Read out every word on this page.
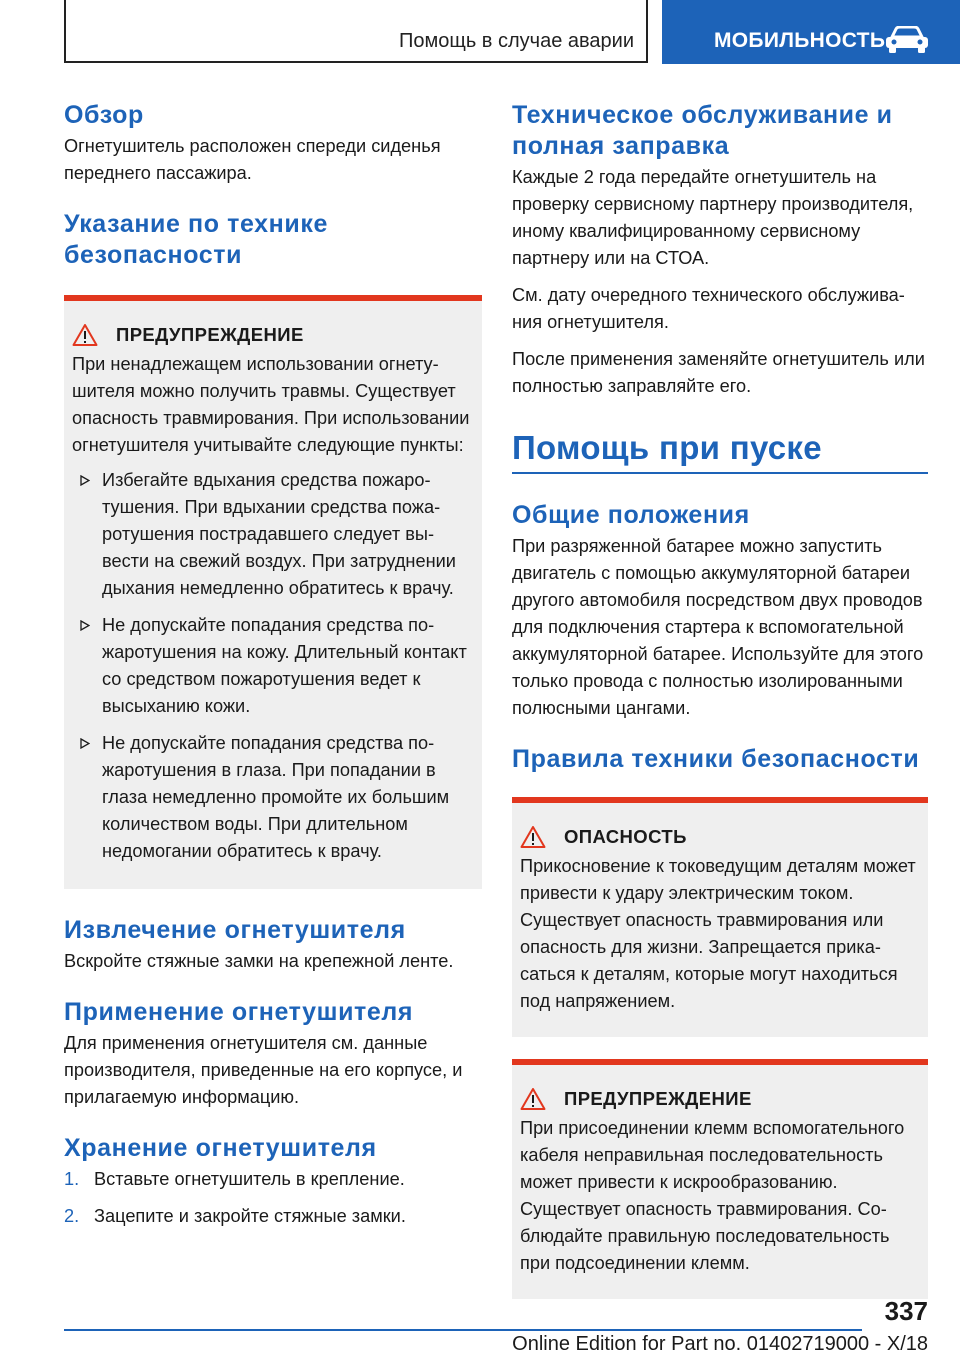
Помощь в случае аварии	МОБИЛЬНОСТЬ
Обзор

Огнетушитель расположен спереди сиденья переднего пассажира.

Указание по технике безопасности
ПРЕДУПРЕЖДЕНИЕ

При ненадлежащем использовании огнетушителя можно получить травмы. Существует опасность травмирования. При использовании огнетушителя учитывайте следующие пункты:

Избегайте вдыхания средства пожаротушения. При вдыхании средства пожаротушения пострадавшего следует вывести на свежий воздух. При затруднении дыхания немедленно обратитесь к врачу.
Не допускайте попадания средства пожаротушения на кожу. Длительный контакт со средством пожаротушения ведет к высыханию кожи.
Не допускайте попадания средства пожаротушения в глаза. При попадании в глаза немедленно промойте их большим количеством воды. При длительном недомогании обратитесь к врачу.
Извлечение огнетушителя

Вскройте стяжные замки на крепежной ленте.

Применение огнетушителя

Для применения огнетушителя см. данные производителя, приведенные на его корпусе, и прилагаемую информацию.

Хранение огнетушителя
1. Вставьте огнетушитель в крепление.
2. Зацепите и закройте стяжные замки.
Техническое обслуживание и полная заправка

Каждые 2 года передайте огнетушитель на проверку сервисному партнеру производителя, иному квалифицированному сервисному партнеру или на СТОА.

См. дату очередного технического обслуживания огнетушителя.

После применения заменяйте огнетушитель или полностью заправляйте его.

Помощь при пуске
Общие положения

При разряженной батарее можно запустить двигатель с помощью аккумуляторной батареи другого автомобиля посредством двух проводов для подключения стартера к вспомогательной аккумуляторной батарее. Используйте для этого только провода с полностью изолированными полюсными цангами.

Правила техники безопасности
ОПАСНОСТЬ

Прикосновение к токоведущим деталям может привести к удару электрическим током. Существует опасность травмирования или опасность для жизни. Запрещается прикасаться к деталям, которые могут находиться под напряжением.

ПРЕДУПРЕЖДЕНИЕ

При присоединении клемм вспомогательного кабеля неправильная последовательность может привести к искрообразованию. Существует опасность травмирования. Соблюдайте правильную последовательность при подсоединении клемм.

337
Online Edition for Part no. 01402719000 - X/18
